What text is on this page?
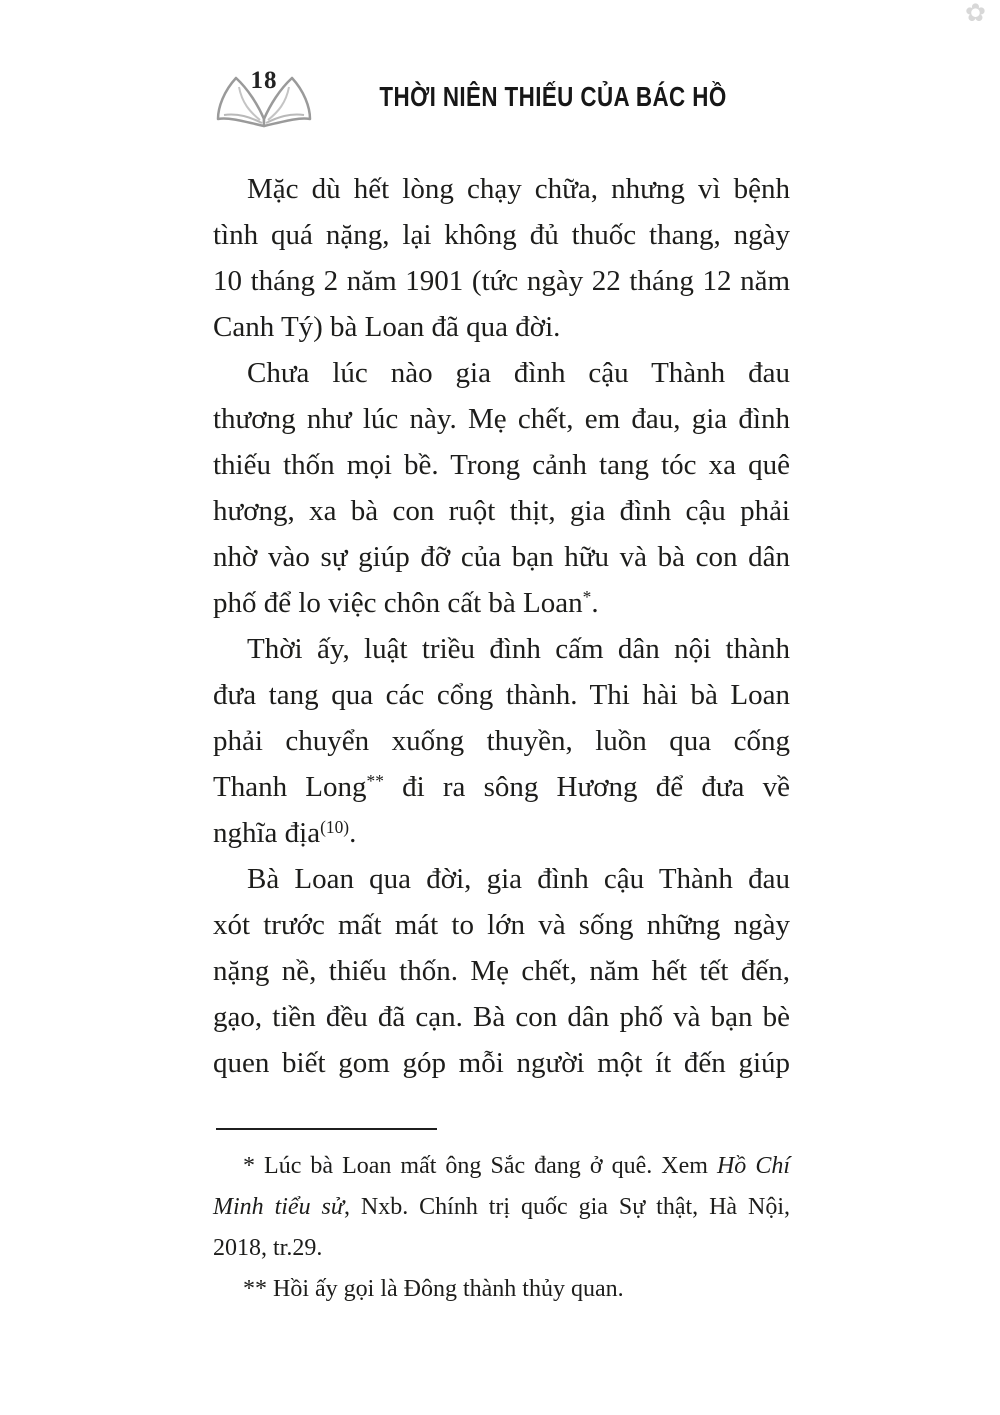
✿
18
THỜI NIÊN THIẾU CỦA BÁC HỒ
Mặc dù hết lòng chạy chữa, nhưng vì bệnh
tình quá nặng, lại không đủ thuốc thang, ngày
10 tháng 2 năm 1901 (tức ngày 22 tháng 12 năm
Canh Tý) bà Loan đã qua đời.
Chưa lúc nào gia đình cậu Thành đau
thương như lúc này. Mẹ chết, em đau, gia đình
thiếu thốn mọi bề. Trong cảnh tang tóc xa quê
hương, xa bà con ruột thịt, gia đình cậu phải
nhờ vào sự giúp đỡ của bạn hữu và bà con dân
phố để lo việc chôn cất bà Loan*.
Thời ấy, luật triều đình cấm dân nội thành
đưa tang qua các cổng thành. Thi hài bà Loan
phải chuyển xuống thuyền, luồn qua cống
Thanh Long** đi ra sông Hương để đưa về
nghĩa địa$^{(10)}$.
Bà Loan qua đời, gia đình cậu Thành đau
xót trước mất mát to lớn và sống những ngày
nặng nề, thiếu thốn. Mẹ chết, năm hết tết đến,
gạo, tiền đều đã cạn. Bà con dân phố và bạn bè
quen biết gom góp mỗi người một ít đến giúp
* Lúc bà Loan mất ông Sắc đang ở quê. Xem Hồ Chí
Minh tiểu sử, Nxb. Chính trị quốc gia Sự thật, Hà Nội,
2018, tr.29.
** Hồi ấy gọi là Đông thành thủy quan.
